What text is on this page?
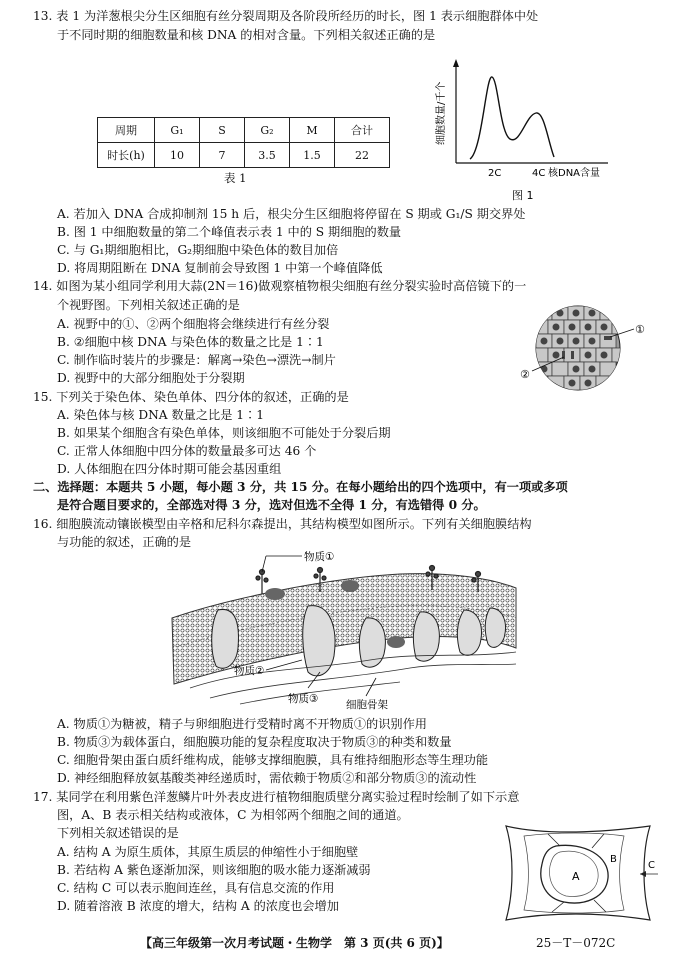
13. 表 1 为洋葱根尖分生区细胞有丝分裂周期及各阶段所经历的时长，图 1 表示细胞群体中处
于不同时期的细胞数量和核 DNA 的相对含量。下列相关叙述正确的是
周期	G₁	S	G₂	M	合计
时长(h)	10	7	3.5	1.5	22
表 1
细胞数量/千个
2C	4C 核DNA含量
图 1
A. 若加入 DNA 合成抑制剂 15 h 后，根尖分生区细胞将停留在 S 期或 G₁/S 期交界处
B. 图 1 中细胞数量的第二个峰值表示表 1 中的 S 期细胞的数量
C. 与 G₁期细胞相比，G₂期细胞中染色体的数目加倍
D. 将周期阻断在 DNA 复制前会导致图 1 中第一个峰值降低
14. 如图为某小组同学利用大蒜(2N＝16)做观察植物根尖细胞有丝分裂实验时高倍镜下的一
个视野图。下列相关叙述正确的是
A. 视野中的①、②两个细胞将会继续进行有丝分裂
B. ②细胞中核 DNA 与染色体的数量之比是 1∶1
C. 制作临时装片的步骤是：解离→染色→漂洗→制片
D. 视野中的大部分细胞处于分裂期
①
②
15. 下列关于染色体、染色单体、四分体的叙述，正确的是
A. 染色体与核 DNA 数量之比是 1∶1
B. 如果某个细胞含有染色单体，则该细胞不可能处于分裂后期
C. 正常人体细胞中四分体的数量最多可达 46 个
D. 人体细胞在四分体时期可能会基因重组
二、选择题：本题共 5 小题，每小题 3 分，共 15 分。在每小题给出的四个选项中，有一项或多项
是符合题目要求的，全部选对得 3 分，选对但选不全得 1 分，有选错得 0 分。
16. 细胞膜流动镶嵌模型由辛格和尼科尔森提出，其结构模型如图所示。下列有关细胞膜结构
与功能的叙述，正确的是
物质①
物质②
物质③	细胞骨架
A. 物质①为糖被，精子与卵细胞进行受精时离不开物质①的识别作用
B. 物质③为载体蛋白，细胞膜功能的复杂程度取决于物质③的种类和数量
C. 细胞骨架由蛋白质纤维构成，能够支撑细胞膜，具有维持细胞形态等生理功能
D. 神经细胞释放氨基酸类神经递质时，需依赖于物质②和部分物质③的流动性
17. 某同学在利用紫色洋葱鳞片叶外表皮进行植物细胞质壁分离实验过程时绘制了如下示意
图，A、B 表示相关结构或液体，C 为相邻两个细胞之间的通道。
下列相关叙述错误的是
A. 结构 A 为原生质体，其原生质层的伸缩性小于细胞壁
B. 若结构 A 紫色逐渐加深，则该细胞的吸水能力逐渐减弱
C. 结构 C 可以表示胞间连丝，具有信息交流的作用
D. 随着溶液 B 浓度的增大，结构 A 的浓度也会增加
A
B
C
【高三年级第一次月考试题・生物学　第 3 页(共 6 页)】	25－T－072C
